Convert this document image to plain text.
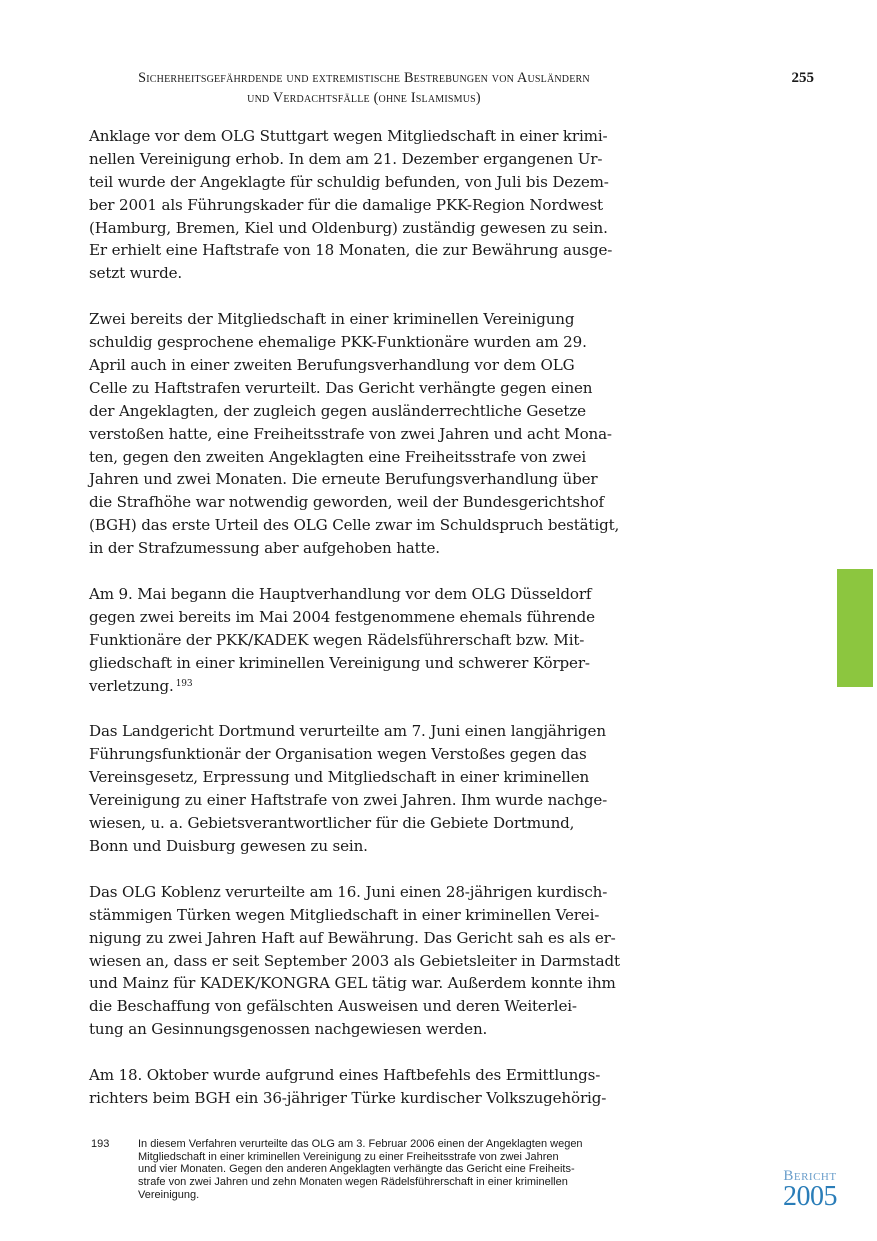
Sicherheitsgefährdende und extremistische Bestrebungen von Ausländern
und Verdachtsfälle (ohne Islamismus)
255
Anklage vor dem OLG Stuttgart wegen Mitgliedschaft in einer krimi-
nellen Vereinigung erhob. In dem am 21. Dezember ergangenen Ur-
teil wurde der Angeklagte für schuldig befunden, von Juli bis Dezem-
ber 2001 als Führungskader für die damalige PKK-Region Nordwest
(Hamburg, Bremen, Kiel und Oldenburg) zuständig gewesen zu sein.
Er erhielt eine Haftstrafe von 18 Monaten, die zur Bewährung ausge-
setzt wurde.
Zwei bereits der Mitgliedschaft in einer kriminellen Vereinigung
schuldig gesprochene ehemalige PKK-Funktionäre wurden am 29.
April auch in einer zweiten Berufungsverhandlung vor dem OLG
Celle zu Haftstrafen verurteilt. Das Gericht verhängte gegen einen
der Angeklagten, der zugleich gegen ausländerrechtliche Gesetze
verstoßen hatte, eine Freiheitsstrafe von zwei Jahren und acht Mona-
ten, gegen den zweiten Angeklagten eine Freiheitsstrafe von zwei
Jahren und zwei Monaten. Die erneute Berufungsverhandlung über
die Strafhöhe war notwendig geworden, weil der Bundesgerichtshof
(BGH) das erste Urteil des OLG Celle zwar im Schuldspruch bestätigt,
in der Strafzumessung aber aufgehoben hatte.
Am 9. Mai begann die Hauptverhandlung vor dem OLG Düsseldorf
gegen zwei bereits im Mai 2004 festgenommene ehemals führende
Funktionäre der PKK/KADEK wegen Rädelsführerschaft bzw. Mit-
gliedschaft in einer kriminellen Vereinigung und schwerer Körper-
verletzung. $^{193}$
Das Landgericht Dortmund verurteilte am 7. Juni einen langjährigen
Führungsfunktionär der Organisation wegen Verstoßes gegen das
Vereinsgesetz, Erpressung und Mitgliedschaft in einer kriminellen
Vereinigung zu einer Haftstrafe von zwei Jahren. Ihm wurde nachge-
wiesen, u. a. Gebietsverantwortlicher für die Gebiete Dortmund,
Bonn und Duisburg gewesen zu sein.
Das OLG Koblenz verurteilte am 16. Juni einen 28-jährigen kurdisch-
stämmigen Türken wegen Mitgliedschaft in einer kriminellen Verei-
nigung zu zwei Jahren Haft auf Bewährung. Das Gericht sah es als er-
wiesen an, dass er seit September 2003 als Gebietsleiter in Darmstadt
und Mainz für KADEK/KONGRA GEL tätig war. Außerdem konnte ihm
die Beschaffung von gefälschten Ausweisen und deren Weiterlei-
tung an Gesinnungsgenossen nachgewiesen werden.
Am 18. Oktober wurde aufgrund eines Haftbefehls des Ermittlungs-
richters beim BGH ein 36-jähriger Türke kurdischer Volkszugehörig-
193	In diesem Verfahren verurteilte das OLG am 3. Februar 2006 einen der Angeklagten wegen
Mitgliedschaft in einer kriminellen Vereinigung zu einer Freiheitsstrafe von zwei Jahren
und vier Monaten. Gegen den anderen Angeklagten verhängte das Gericht eine Freiheits-
strafe von zwei Jahren und zehn Monaten wegen Rädelsführerschaft in einer kriminellen
Vereinigung.
Bericht
2005
